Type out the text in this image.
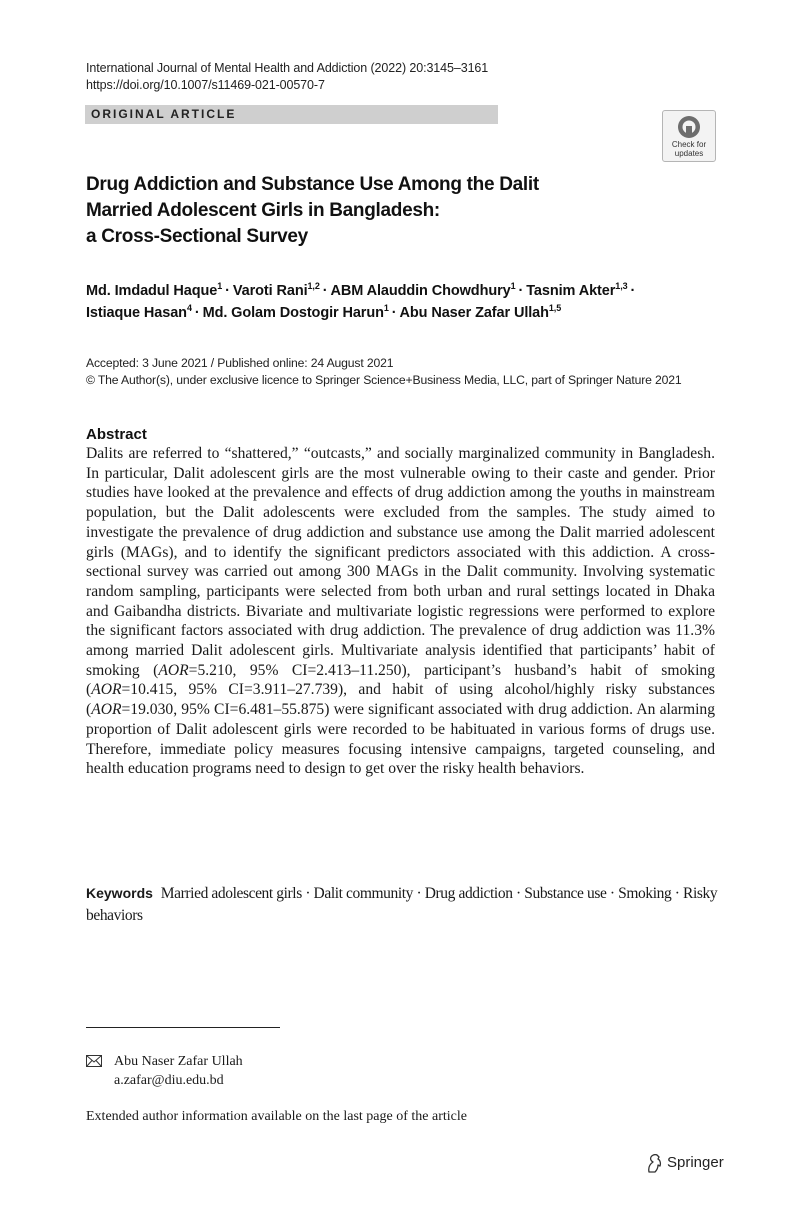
International Journal of Mental Health and Addiction (2022) 20:3145–3161
https://doi.org/10.1007/s11469-021-00570-7
ORIGINAL ARTICLE
Check for updates
Drug Addiction and Substance Use Among the Dalit
Married Adolescent Girls in Bangladesh:
a Cross-Sectional Survey
Md. Imdadul Haque$^1$ · Varoti Rani$^{1,2}$ · ABM Alauddin Chowdhury$^1$ · Tasnim Akter$^{1,3}$ ·
Istiaque Hasan$^4$ · Md. Golam Dostogir Harun$^1$ · Abu Naser Zafar Ullah$^{1,5}$
Accepted: 3 June 2021 / Published online: 24 August 2021
© The Author(s), under exclusive licence to Springer Science+Business Media, LLC, part of Springer Nature 2021
Abstract
Dalits are referred to “shattered,” “outcasts,” and socially marginalized community in Bangladesh. In particular, Dalit adolescent girls are the most vulnerable owing to their caste and gender. Prior studies have looked at the prevalence and effects of drug addiction among the youths in mainstream population, but the Dalit adolescents were excluded from the samples. The study aimed to investigate the prevalence of drug addiction and substance use among the Dalit married adolescent girls (MAGs), and to identify the significant predictors associated with this addiction. A cross-sectional survey was carried out among 300 MAGs in the Dalit community. Involving systematic random sampling, participants were selected from both urban and rural settings located in Dhaka and Gaibandha districts. Bivariate and multivariate logistic regressions were performed to explore the significant factors associated with drug addiction. The prevalence of drug addiction was 11.3% among married Dalit adolescent girls. Multivariate analysis identified that participants’ habit of smoking (AOR=5.210, 95% CI=2.413–11.250), participant’s husband’s habit of smoking (AOR=10.415, 95% CI=3.911–27.739), and habit of using alcohol/highly risky substances (AOR=19.030, 95% CI=6.481–55.875) were significant associated with drug addiction. An alarming proportion of Dalit adolescent girls were recorded to be habituated in various forms of drugs use. Therefore, immediate policy measures focusing intensive campaigns, targeted counseling, and health education programs need to design to get over the risky health behaviors.
Keywords Married adolescent girls · Dalit community · Drug addiction · Substance use · Smoking · Risky behaviors
Abu Naser Zafar Ullah
a.zafar@diu.edu.bd
Extended author information available on the last page of the article
Springer
